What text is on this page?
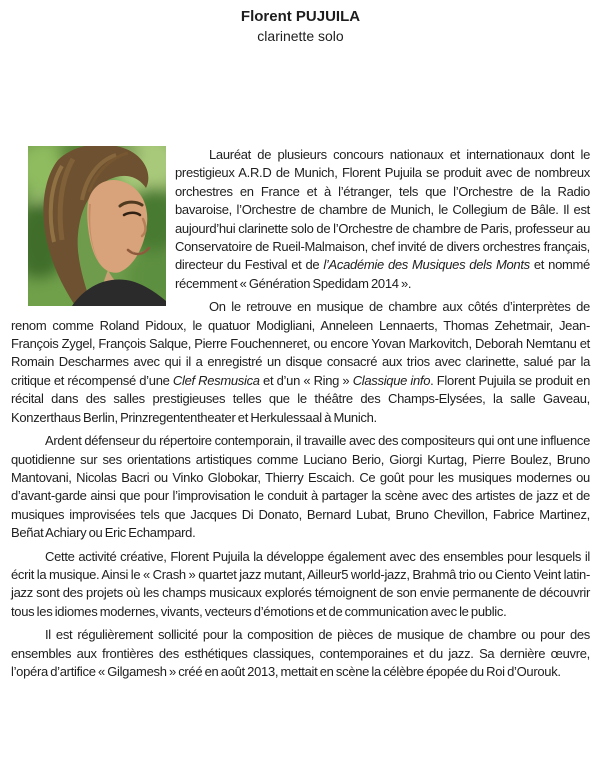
Florent PUJUILA
clarinette solo

Lauréat de plusieurs concours nationaux et internationaux dont le prestigieux A.R.D de Munich, Florent Pujuila se produit avec de nombreux orchestres en France et à l’étranger, tels que l’Orchestre de la Radio bavaroise, l’Orchestre de chambre de Munich, le Collegium de Bâle. Il est aujourd’hui clarinette solo de l’Orchestre de chambre de Paris, professeur au Conservatoire de Rueil-Malmaison, chef invité de divers orchestres français, directeur du Festival et de l’Académie des Musiques dels Monts et nommé récemment « Génération Spedidam 2014 ».

On le retrouve en musique de chambre aux côtés d’interprètes de renom comme Roland Pidoux, le quatuor Modigliani, Anneleen Lennaerts, Thomas Zehetmair, Jean-François Zygel, François Salque, Pierre Fouchenneret, ou encore Yovan Markovitch, Deborah Nemtanu et Romain Descharmes avec qui il a enregistré un disque consacré aux trios avec clarinette, salué par la critique et récompensé d’une Clef Resmusica et d’un « Ring » Classique info. Florent Pujuila se produit en récital dans des salles prestigieuses telles que le théâtre des Champs-Elysées, la salle Gaveau, Konzerthaus Berlin, Prinzregententheater et Herkulessaal à Munich.

Ardent défenseur du répertoire contemporain, il travaille avec des compositeurs qui ont une influence quotidienne sur ses orientations artistiques comme Luciano Berio, Giorgi Kurtag, Pierre Boulez, Bruno Mantovani, Nicolas Bacri ou Vinko Globokar, Thierry Escaich. Ce goût pour les musiques modernes ou d’avant-garde ainsi que pour l’improvisation le conduit à partager la scène avec des artistes de jazz et de musiques improvisées tels que Jacques Di Donato, Bernard Lubat, Bruno Chevillon, Fabrice Martinez, Beñat Achiary ou Eric Echampard.

Cette activité créative, Florent Pujuila la développe également avec des ensembles pour lesquels il écrit la musique. Ainsi le « Crash » quartet jazz mutant, Ailleur5 world-jazz, Brahmâ trio ou Ciento Veint latin-jazz sont des projets où les champs musicaux explorés témoignent de son envie permanente de découvrir tous les idiomes modernes, vivants, vecteurs d’émotions et de communication avec le public.

Il est régulièrement sollicité pour la composition de pièces de musique de chambre ou pour des ensembles aux frontières des esthétiques classiques, contemporaines et du jazz. Sa dernière œuvre, l’opéra d’artifice « Gilgamesh » créé en août 2013, mettait en scène la célèbre épopée du Roi d’Ourouk.
